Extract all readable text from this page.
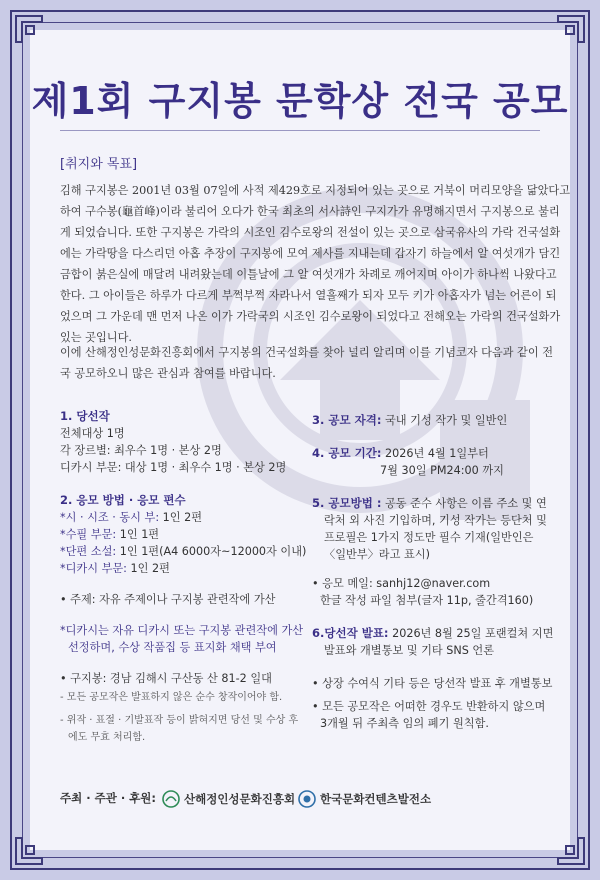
제1회 구지봉 문학상 전국 공모
[취지와 목표]
김해 구지봉은 2001년 03월 07일에 사적 제429호로 지정되어 있는 곳으로 거북이 머리모양을 닮았다고
하여 구수봉(龜首峰)이라 불리어 오다가 한국 최초의 서사詩인 구지가가 유명해지면서 구지봉으로 불리
게 되었습니다. 또한 구지봉은 가락의 시조인 김수로왕의 전설이 있는 곳으로 삼국유사의 가락 건국설화
에는 가락땅을 다스리던 아홉 추장이 구지봉에 모여 제사를 지내는데 갑자기 하늘에서 알 여섯개가 담긴
금합이 붉은실에 매달려 내려왔는데 이틀날에 그 알 여섯개가 차례로 깨어지며 아이가 하나씩 나왔다고
한다. 그 아이들은 하루가 다르게 부쩍부쩍 자라나서 열흘째가 되자 모두 키가 아홉자가 넘는 어른이 되
었으며 그 가운데 맨 먼저 나온 이가 가락국의 시조인 김수로왕이 되었다고 전해오는 가락의 건국설화가
있는 곳입니다.
이에 산해정인성문화진흥회에서 구지봉의 건국설화를 찾아 널리 알리며 이를 기념코자 다음과 같이 전
국 공모하오니 많은 관심과 참여를 바랍니다.
1. 당선작
전체대상 1명
각 장르별: 최우수 1명 · 본상 2명
디카시 부문: 대상 1명 · 최우수 1명 · 본상 2명
2. 응모 방법 · 응모 편수
*시 · 시조 · 동시 부: 1인 2편
*수필 부문: 1인 1편
*단편 소설: 1인 1편(A4 6000자~12000자 이내)
*디카시 부문: 1인 2편
• 주제: 자유 주제이나 구지봉 관련작에 가산
*디카시는 자유 디카시 또는 구지봉 관련작에 가산
선정하며, 수상 작품집 등 표지화 채택 부여
• 구지봉: 경남 김해시 구산동 산 81-2 일대
- 모든 공모작은 발표하지 않은 순수 창작이어야 함.
- 위작 · 표절 · 기발표작 등이 밝혀지면 당선 및 수상 후
에도 무효 처리함.
3. 공모 자격: 국내 기성 작가 및 일반인
4. 공모 기간: 2026년 4월 1일부터
7월 30일 PM24:00 까지
5. 공모방법 : 공동 준수 사항은 이름 주소 및 연
락처 외 사진 기입하며, 기성 작가는 등단처 및
프로필은 1가지 정도만 필수 기재(일반인은
〈일반부〉라고 표시)
• 응모 메일: sanhj12@naver.com
한글 작성 파일 첨부(글자 11p, 줄간격160)
6.당선작 발표: 2026년 8월 25일 포랜컬쳐 지면
발표와 개별통보 및 기타 SNS 언론
• 상장 수여식 기타 등은 당선작 발표 후 개별통보
• 모든 공모작은 어떠한 경우도 반환하지 않으며
3개월 뒤 주최측 임의 폐기 원칙함.
주최 · 주관 · 후원: 산해정인성문화진흥회 한국문화컨텐츠발전소
